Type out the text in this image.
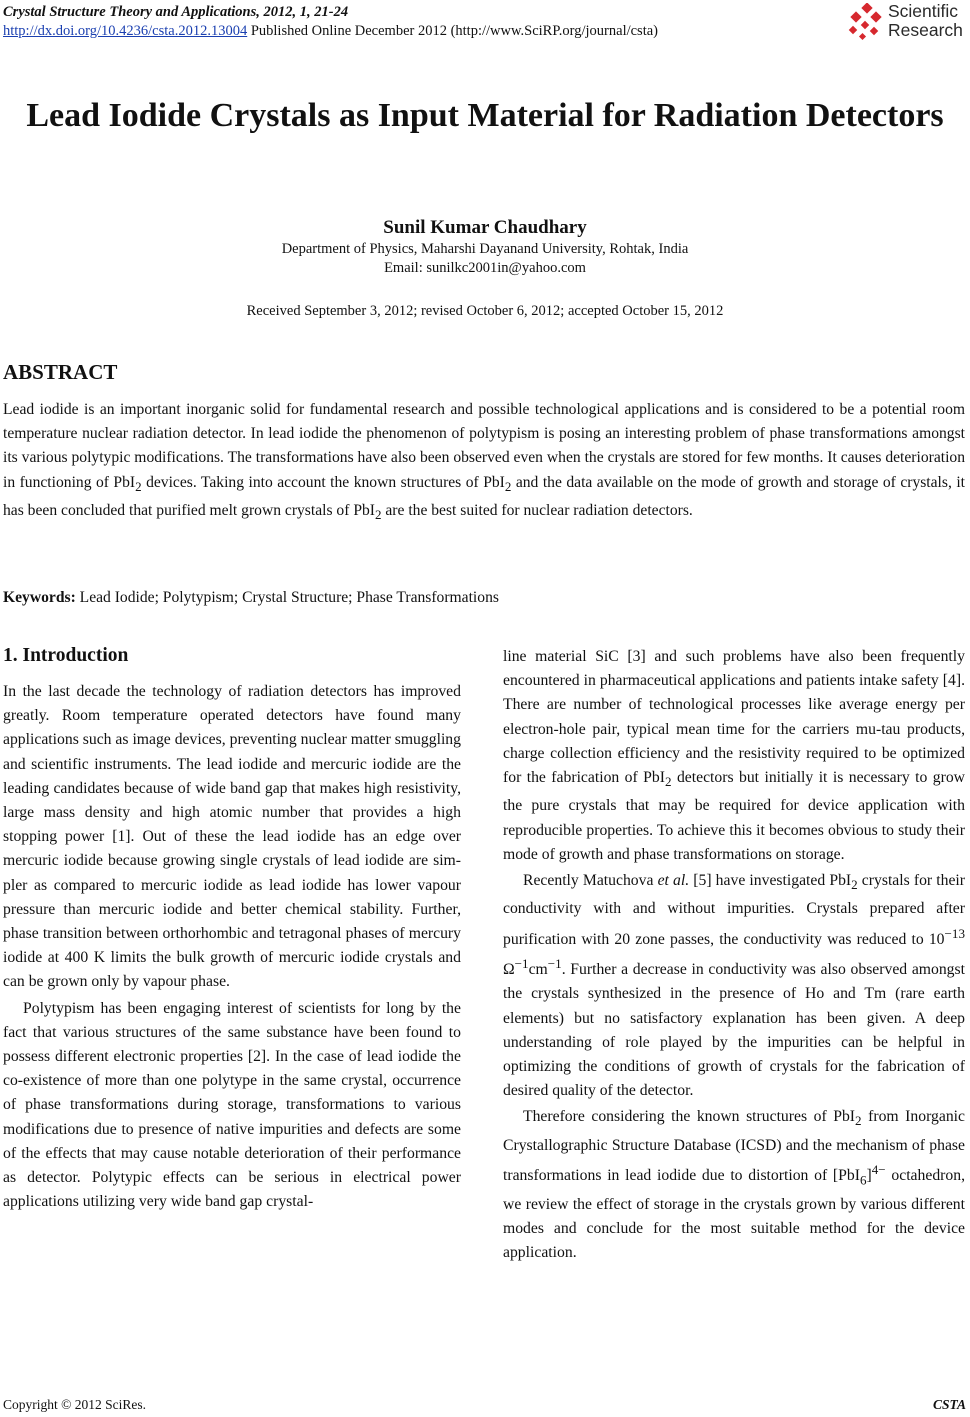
Crystal Structure Theory and Applications, 2012, 1, 21-24
http://dx.doi.org/10.4236/csta.2012.13004 Published Online December 2012 (http://www.SciRP.org/journal/csta)
Scientific
Research
Lead Iodide Crystals as Input Material for Radiation Detectors
Sunil Kumar Chaudhary
Department of Physics, Maharshi Dayanand University, Rohtak, India
Email: sunilkc2001in@yahoo.com
Received September 3, 2012; revised October 6, 2012; accepted October 15, 2012
ABSTRACT
Lead iodide is an important inorganic solid for fundamental research and possible technological applications and is considered to be a potential room temperature nuclear radiation detector. In lead iodide the phenomenon of polytypism is posing an interesting problem of phase transformations amongst its various polytypic modifications. The transformations have also been observed even when the crystals are stored for few months. It causes deterioration in functioning of PbI$_2$ devices. Taking into account the known structures of PbI$_2$ and the data available on the mode of growth and storage of crystals, it has been concluded that purified melt grown crystals of PbI$_2$ are the best suited for nuclear radiation detectors.
Keywords: Lead Iodide; Polytypism; Crystal Structure; Phase Transformations
1. Introduction

In the last decade the technology of radiation detectors has improved greatly. Room temperature operated detectors have found many applications such as image devices, preventing nuclear matter smuggling and scientific instruments. The lead iodide and mercuric iodide are the leading candidates because of wide band gap that makes high resistivity, large mass density and high atomic number that provides a high stopping power [1]. Out of these the lead iodide has an edge over mercuric iodide because growing single crystals of lead iodide are simpler as compared to mercuric iodide as lead iodide has lower vapour pressure than mercuric iodide and better chemical stability. Further, phase transition between orthorhombic and tetragonal phases of mercury iodide at 400 K limits the bulk growth of mercuric iodide crystals and can be grown only by vapour phase.

Polytypism has been engaging interest of scientists for long by the fact that various structures of the same substance have been found to possess different electronic properties [2]. In the case of lead iodide the co-existence of more than one polytype in the same crystal, occurrence of phase transformations during storage, transformations to various modifications due to presence of native impurities and defects are some of the effects that may cause notable deterioration of their performance as detector. Polytypic effects can be serious in electrical power applications utilizing very wide band gap crystal-

line material SiC [3] and such problems have also been frequently encountered in pharmaceutical applications and patients intake safety [4]. There are number of technological processes like average energy per electron-hole pair, typical mean time for the carriers mu-tau products, charge collection efficiency and the resistivity required to be optimized for the fabrication of PbI$_2$ detectors but initially it is necessary to grow the pure crystals that may be required for device application with reproducible properties. To achieve this it becomes obvious to study their mode of growth and phase transformations on storage.

Recently Matuchova et al. [5] have investigated PbI$_2$ crystals for their conductivity with and without impurities. Crystals prepared after purification with 20 zone passes, the conductivity was reduced to $10^{-13}$ $\Omega^{-1}cm^{-1}$. Further a decrease in conductivity was also observed amongst the crystals synthesized in the presence of Ho and Tm (rare earth elements) but no satisfactory explanation has been given. A deep understanding of role played by the impurities can be helpful in optimizing the conditions of growth of crystals for the fabrication of desired quality of the detector.

Therefore considering the known structures of PbI$_2$ from Inorganic Crystallographic Structure Database (ICSD) and the mechanism of phase transformations in lead iodide due to distortion of $[PbI_6]^{4-}$ octahedron, we review the effect of storage in the crystals grown by various different modes and conclude for the most suitable method for the device application.

Copyright © 2012 SciRes.	CSTA
